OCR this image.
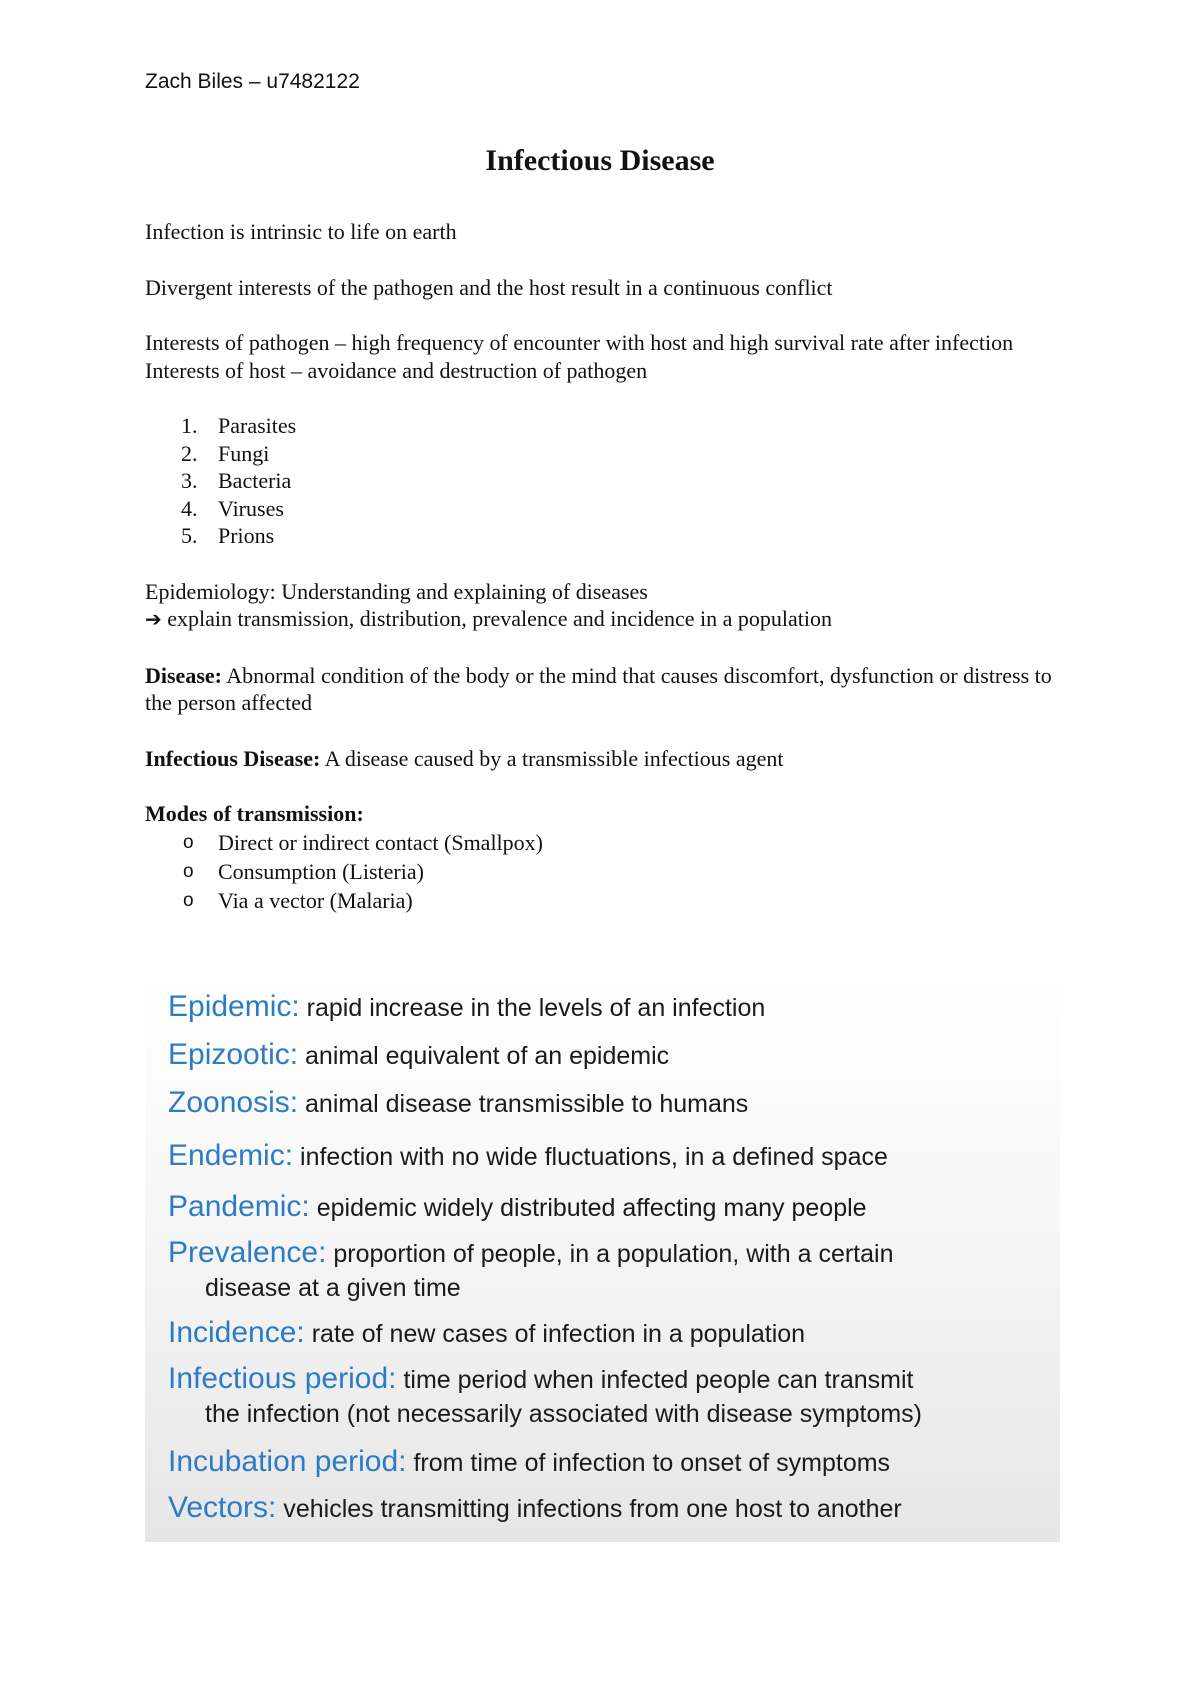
Zach Biles – u7482122
Infectious Disease

Infection is intrinsic to life on earth

Divergent interests of the pathogen and the host result in a continuous conflict

Interests of pathogen – high frequency of encounter with host and high survival rate after infection

Interests of host – avoidance and destruction of pathogen

1. Parasites
2. Fungi
3. Bacteria
4. Viruses
5. Prions

Epidemiology: Understanding and explaining of diseases

➔ explain transmission, distribution, prevalence and incidence in a population

Disease: Abnormal condition of the body or the mind that causes discomfort, dysfunction or distress to the person affected

Infectious Disease: A disease caused by a transmissible infectious agent

Modes of transmission:

o Direct or indirect contact (Smallpox)
o Consumption (Listeria)
o Via a vector (Malaria)
Epidemic: rapid increase in the levels of an infection
Epizootic: animal equivalent of an epidemic
Zoonosis: animal disease transmissible to humans
Endemic: infection with no wide fluctuations, in a defined space
Pandemic: epidemic widely distributed affecting many people
Prevalence: proportion of people, in a population, with a certain
disease at a given time
Incidence: rate of new cases of infection in a population
Infectious period: time period when infected people can transmit
the infection (not necessarily associated with disease symptoms)
Incubation period: from time of infection to onset of symptoms
Vectors: vehicles transmitting infections from one host to another
